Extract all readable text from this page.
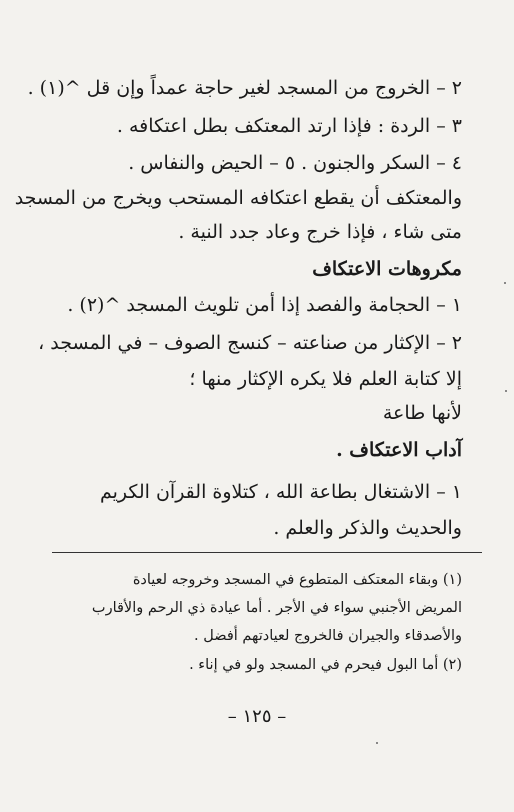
٢ – الخروج من المسجد لغير حاجة عمداً وإن قل ^(١) .
٣ – الردة : فإذا ارتد المعتكف بطل اعتكافه .
٤ – السكر والجنون . ٥ – الحيض والنفاس .
والمعتكف أن يقطع اعتكافه المستحب ويخرج من المسجد
متى شاء ، فإذا خرج وعاد جدد النية .
مكروهات الاعتكاف
١ – الحجامة والفصد إذا أمن تلويث المسجد ^(٢) .
٢ – الإكثار من صناعته – كنسج الصوف – في المسجد ،
إلا كتابة العلم فلا يكره الإكثار منها ؛
لأنها طاعة
آداب الاعتكاف .
١ – الاشتغال بطاعة الله ، كتلاوة القرآن الكريم
والحديث والذكر والعلم .
(١) وبقاء المعتكف المتطوع في المسجد وخروجه لعيادة
المريض الأجنبي سواء في الأجر . أما عيادة ذي الرحم والأقارب
والأصدقاء والجيران فالخروج لعيادتهم أفضل .
(٢) أما البول فيحرم في المسجد ولو في إناء .
– ١٢٥ –
